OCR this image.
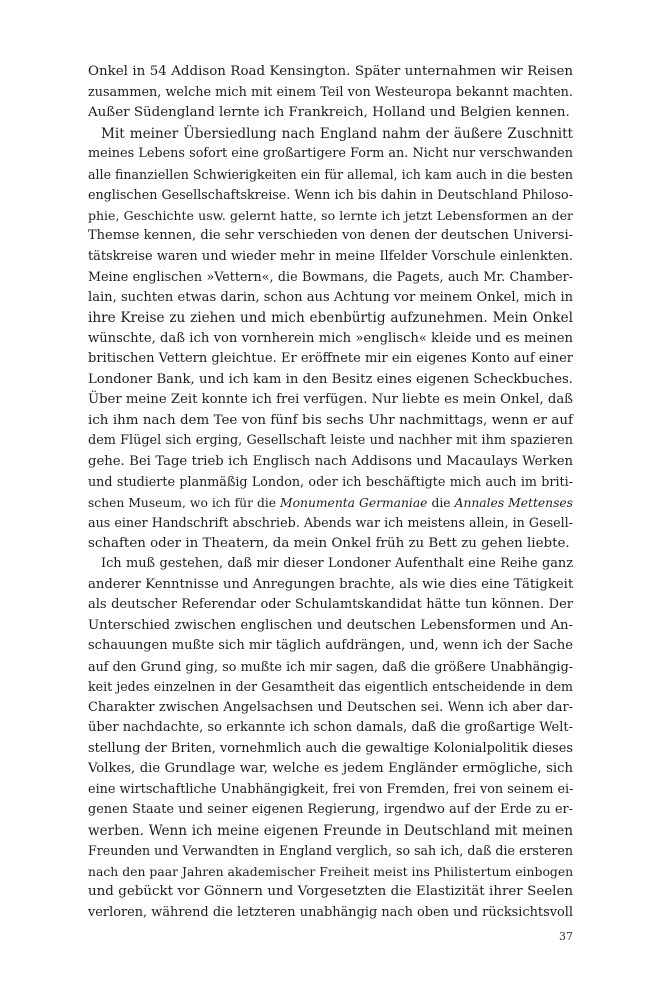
Onkel in 54 Addison Road Kensington. Später unternahmen wir Reisen
zusammen, welche mich mit einem Teil von Westeuropa bekannt machten.
Außer Südengland lernte ich Frankreich, Holland und Belgien kennen.
Mit meiner Übersiedlung nach England nahm der äußere Zuschnitt
meines Lebens sofort eine großartigere Form an. Nicht nur verschwanden
alle finanziellen Schwierigkeiten ein für allemal, ich kam auch in die besten
englischen Gesellschaftskreise. Wenn ich bis dahin in Deutschland Philoso-
phie, Geschichte usw. gelernt hatte, so lernte ich jetzt Lebensformen an der
Themse kennen, die sehr verschieden von denen der deutschen Universi-
tätskreise waren und wieder mehr in meine Ilfelder Vorschule einlenkten.
Meine englischen »Vettern«, die Bowmans, die Pagets, auch Mr. Chamber-
lain, suchten etwas darin, schon aus Achtung vor meinem Onkel, mich in
ihre Kreise zu ziehen und mich ebenbürtig aufzunehmen. Mein Onkel
wünschte, daß ich von vornherein mich »englisch« kleide und es meinen
britischen Vettern gleichtue. Er eröffnete mir ein eigenes Konto auf einer
Londoner Bank, und ich kam in den Besitz eines eigenen Scheckbuches.
Über meine Zeit konnte ich frei verfügen. Nur liebte es mein Onkel, daß
ich ihm nach dem Tee von fünf bis sechs Uhr nachmittags, wenn er auf
dem Flügel sich erging, Gesellschaft leiste und nachher mit ihm spazieren
gehe. Bei Tage trieb ich Englisch nach Addisons und Macaulays Werken
und studierte planmäßig London, oder ich beschäftigte mich auch im briti-
schen Museum, wo ich für die Monumenta Germaniae die Annales Mettenses
aus einer Handschrift abschrieb. Abends war ich meistens allein, in Gesell-
schaften oder in Theatern, da mein Onkel früh zu Bett zu gehen liebte.
Ich muß gestehen, daß mir dieser Londoner Aufenthalt eine Reihe ganz
anderer Kenntnisse und Anregungen brachte, als wie dies eine Tätigkeit
als deutscher Referendar oder Schulamtskandidat hätte tun können. Der
Unterschied zwischen englischen und deutschen Lebensformen und An-
schauungen mußte sich mir täglich aufdrängen, und, wenn ich der Sache
auf den Grund ging, so mußte ich mir sagen, daß die größere Unabhängig-
keit jedes einzelnen in der Gesamtheit das eigentlich entscheidende in dem
Charakter zwischen Angelsachsen und Deutschen sei. Wenn ich aber dar-
über nachdachte, so erkannte ich schon damals, daß die großartige Welt-
stellung der Briten, vornehmlich auch die gewaltige Kolonialpolitik dieses
Volkes, die Grundlage war, welche es jedem Engländer ermögliche, sich
eine wirtschaftliche Unabhängigkeit, frei von Fremden, frei von seinem ei-
genen Staate und seiner eigenen Regierung, irgendwo auf der Erde zu er-
werben. Wenn ich meine eigenen Freunde in Deutschland mit meinen
Freunden und Verwandten in England verglich, so sah ich, daß die ersteren
nach den paar Jahren akademischer Freiheit meist ins Philistertum einbogen
und gebückt vor Gönnern und Vorgesetzten die Elastizität ihrer Seelen
verloren, während die letzteren unabhängig nach oben und rücksichtsvoll
37
